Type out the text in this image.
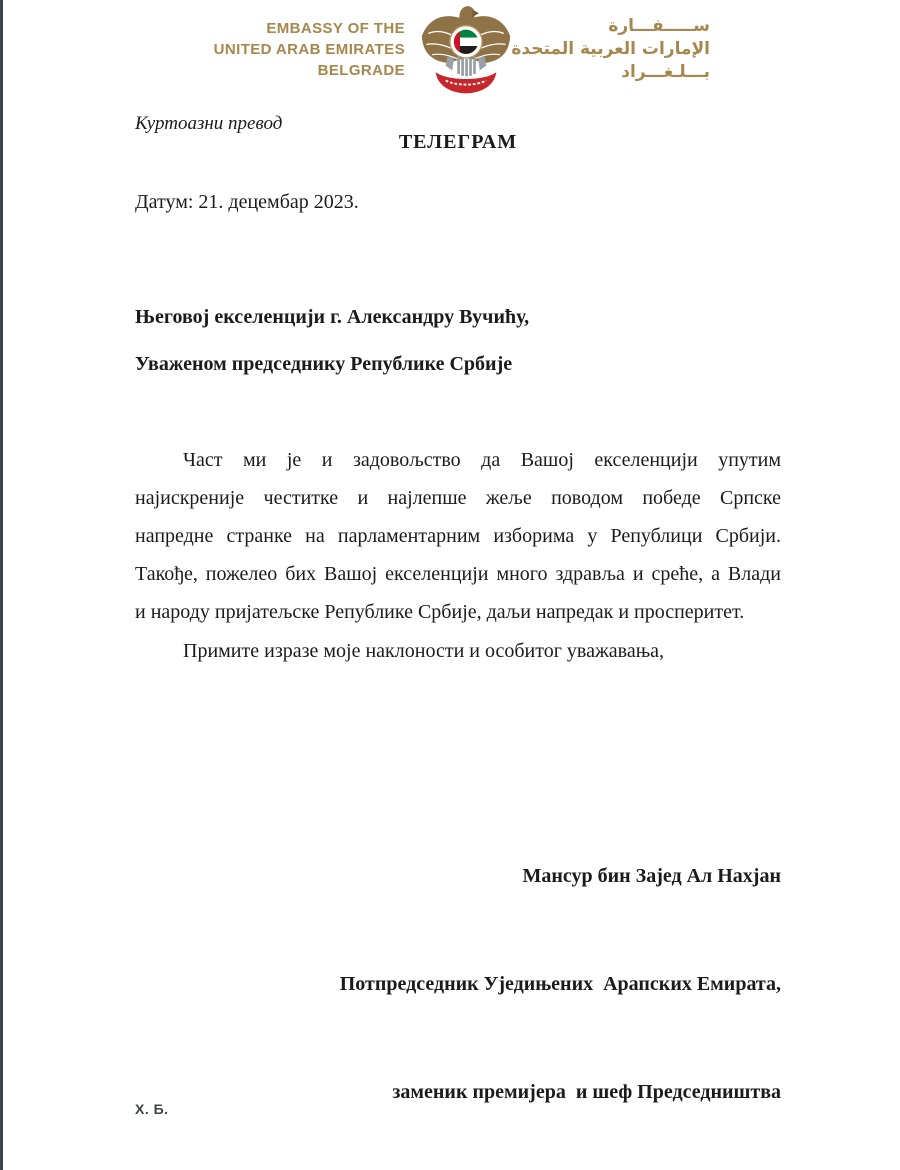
EMBASSY OF THE
UNITED ARAB EMIRATES
BELGRADE
ســـــفـــارة
الإمارات العربية المتحدة
بـــلـغـــراد
Куртоазни превод
ТЕЛЕГРАМ
Датум: 21. децембар 2023.
Његовој екселенцији г. Александру Вучићу,
Уваженом председнику Републике Србије
Част ми је и задовољство да Вашој екселенцији упутим
најискреније честитке и најлепше жеље поводом победе Српске
напредне странке на парламентарним изборима у Републици Србији.
Такође, пожелео бих Вашој екселенцији много здравља и среће, а Влади
и народу пријатељске Републике Србије, даљи напредак и просперитет.
Примите изразе моје наклоности и особитог уважавања,

Мансур бин Зајед Ал Нахјан

Потпредседник Уједињених  Арапских Емирата,

заменик премијера  и шеф Председништва

Х. Б.
